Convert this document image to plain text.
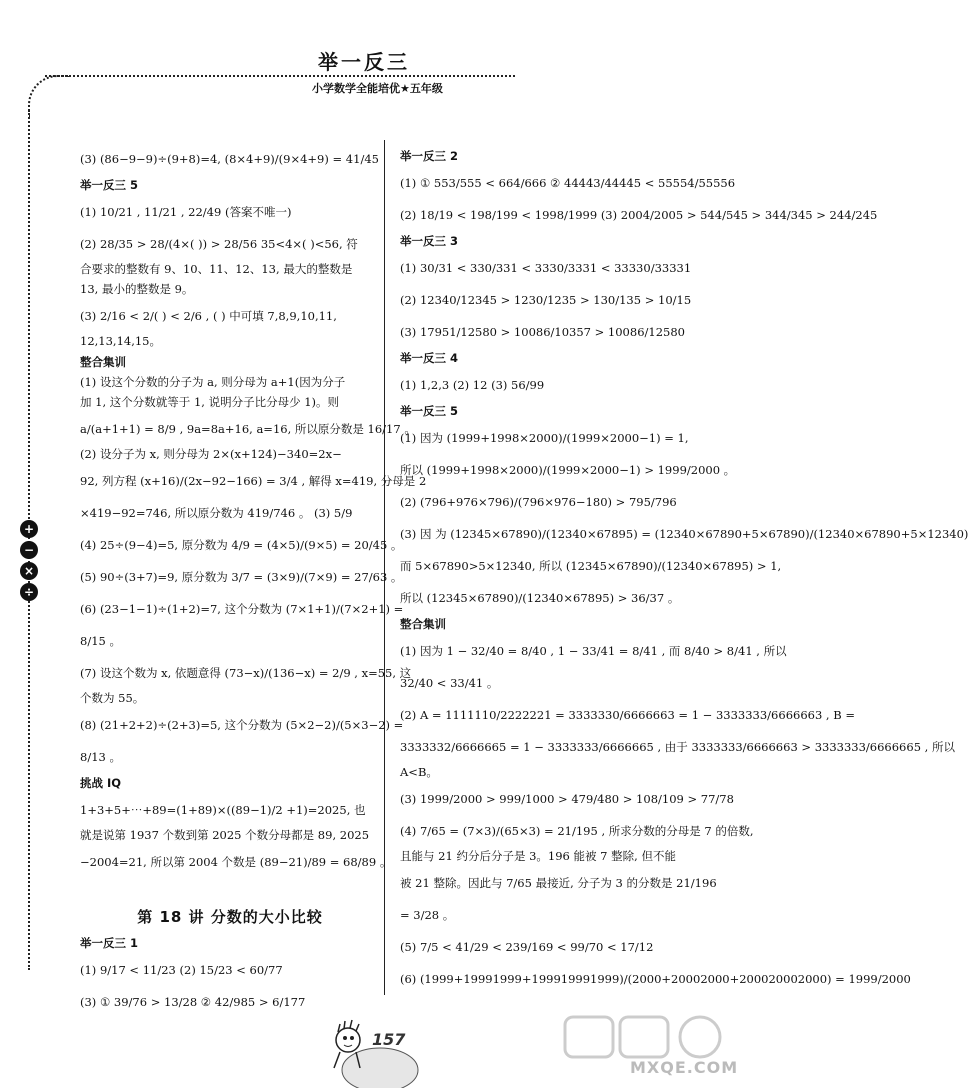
举一反三
小学数学全能培优★五年级
+
−
×
÷
(3) (86−9−9)÷(9+8)=4, (8×4+9)/(9×4+9) = 41/45
举一反三 5
(1) 10/21 , 11/21 , 22/49 (答案不唯一)
(2) 28/35 > 28/(4×( )) > 28/56 35<4×( )<56, 符
合要求的整数有 9、10、11、12、13, 最大的整数是
13, 最小的整数是 9。
(3) 2/16 < 2/( ) < 2/6 , ( ) 中可填 7,8,9,10,11,
12,13,14,15。
整合集训
(1) 设这个分数的分子为 a, 则分母为 a+1(因为分子
加 1, 这个分数就等于 1, 说明分子比分母少 1)。则
a/(a+1+1) = 8/9 , 9a=8a+16, a=16, 所以原分数是 16/17 。
(2) 设分子为 x, 则分母为 2×(x+124)−340=2x−
92, 列方程 (x+16)/(2x−92−166) = 3/4 , 解得 x=419, 分母是 2
×419−92=746, 所以原分数为 419/746 。 (3) 5/9
(4) 25÷(9−4)=5, 原分数为 4/9 = (4×5)/(9×5) = 20/45 。
(5) 90÷(3+7)=9, 原分数为 3/7 = (3×9)/(7×9) = 27/63 。
(6) (23−1−1)÷(1+2)=7, 这个分数为 (7×1+1)/(7×2+1) =
8/15 。
(7) 设这个数为 x, 依题意得 (73−x)/(136−x) = 2/9 , x=55, 这
个数为 55。
(8) (21+2+2)÷(2+3)=5, 这个分数为 (5×2−2)/(5×3−2) =
8/13 。
挑战 IQ
1+3+5+⋯+89=(1+89)×((89−1)/2 +1)=2025, 也
就是说第 1937 个数到第 2025 个数分母都是 89, 2025
−2004=21, 所以第 2004 个数是 (89−21)/89 = 68/89 。
第 18 讲 分数的大小比较
举一反三 1
(1) 9/17 < 11/23 (2) 15/23 < 60/77
(3) ① 39/76 > 13/28 ② 42/985 > 6/177
举一反三 2
(1) ① 553/555 < 664/666 ② 44443/44445 < 55554/55556
(2) 18/19 < 198/199 < 1998/1999 (3) 2004/2005 > 544/545 > 344/345 > 244/245
举一反三 3
(1) 30/31 < 330/331 < 3330/3331 < 33330/33331
(2) 12340/12345 > 1230/1235 > 130/135 > 10/15
(3) 17951/12580 > 10086/10357 > 10086/12580
举一反三 4
(1) 1,2,3 (2) 12 (3) 56/99
举一反三 5
(1) 因为 (1999+1998×2000)/(1999×2000−1) = 1,
所以 (1999+1998×2000)/(1999×2000−1) > 1999/2000 。
(2) (796+976×796)/(796×976−180) > 795/796
(3) 因 为 (12345×67890)/(12340×67895) = (12340×67890+5×67890)/(12340×67890+5×12340)
而 5×67890>5×12340, 所以 (12345×67890)/(12340×67895) > 1,
所以 (12345×67890)/(12340×67895) > 36/37 。
整合集训
(1) 因为 1 − 32/40 = 8/40 , 1 − 33/41 = 8/41 , 而 8/40 > 8/41 , 所以
32/40 < 33/41 。
(2) A = 1111110/2222221 = 3333330/6666663 = 1 − 3333333/6666663 , B =
3333332/6666665 = 1 − 3333333/6666665 , 由于 3333333/6666663 > 3333333/6666665 , 所以
A<B。
(3) 1999/2000 > 999/1000 > 479/480 > 108/109 > 77/78
(4) 7/65 = (7×3)/(65×3) = 21/195 , 所求分数的分母是 7 的倍数,
且能与 21 约分后分子是 3。196 能被 7 整除, 但不能
被 21 整除。因此与 7/65 最接近, 分子为 3 的分数是 21/196
= 3/28 。
(5) 7/5 < 41/29 < 239/169 < 99/70 < 17/12
(6) (1999+19991999+199919991999)/(2000+20002000+200020002000) = 1999/2000
157
MXQE.COM
